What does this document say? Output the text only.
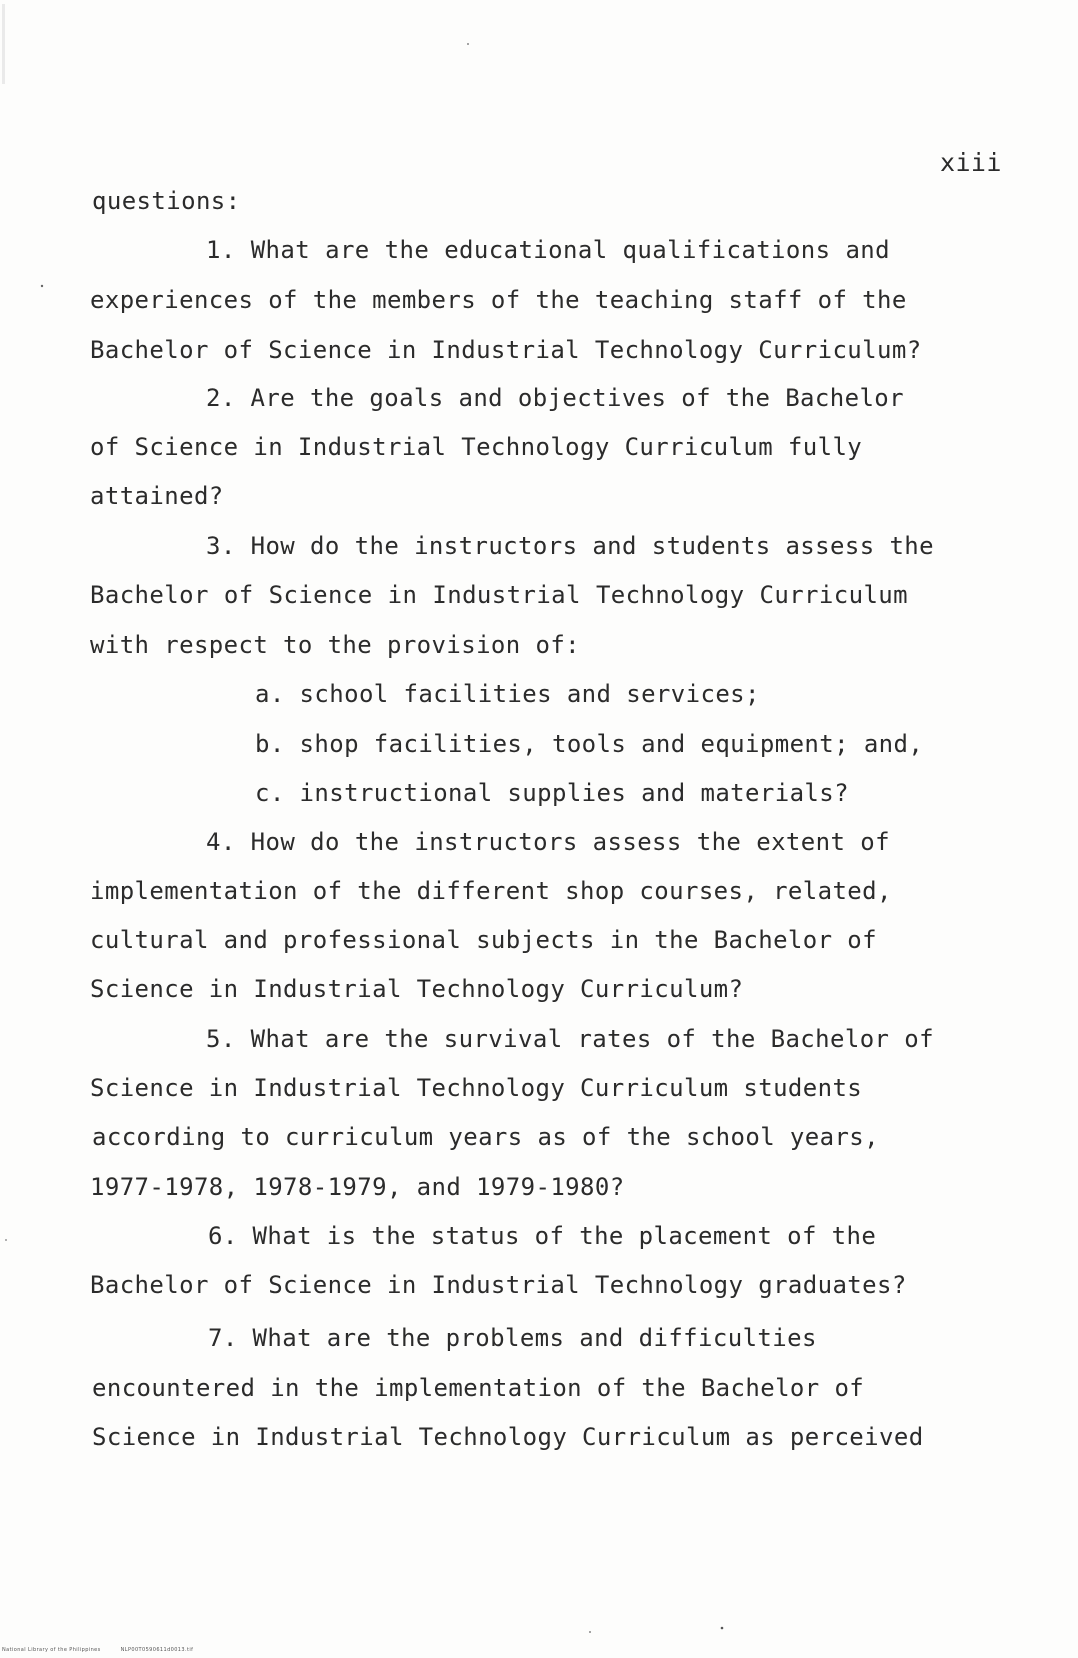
xiii
questions:
1. What are the educational qualifications and
experiences of the members of the teaching staff of the
Bachelor of Science in Industrial Technology Curriculum?
2. Are the goals and objectives of the Bachelor
of Science in Industrial Technology Curriculum fully
attained?
3. How do the instructors and students assess the
Bachelor of Science in Industrial Technology Curriculum
with respect to the provision of:
a. school facilities and services;
b. shop facilities, tools and equipment; and,
c. instructional supplies and materials?
4. How do the instructors assess the extent of
implementation of the different shop courses, related,
cultural and professional subjects in the Bachelor of
Science in Industrial Technology Curriculum?
5. What are the survival rates of the Bachelor of
Science in Industrial Technology Curriculum students
according to curriculum years as of the school years,
1977-1978, 1978-1979, and 1979-1980?
6. What is the status of the placement of the
Bachelor of Science in Industrial Technology graduates?
7. What are the problems and difficulties
encountered in the implementation of the Bachelor of
Science in Industrial Technology Curriculum as perceived
National Library of the Philippines	NLP00T0590611d0013.tif
